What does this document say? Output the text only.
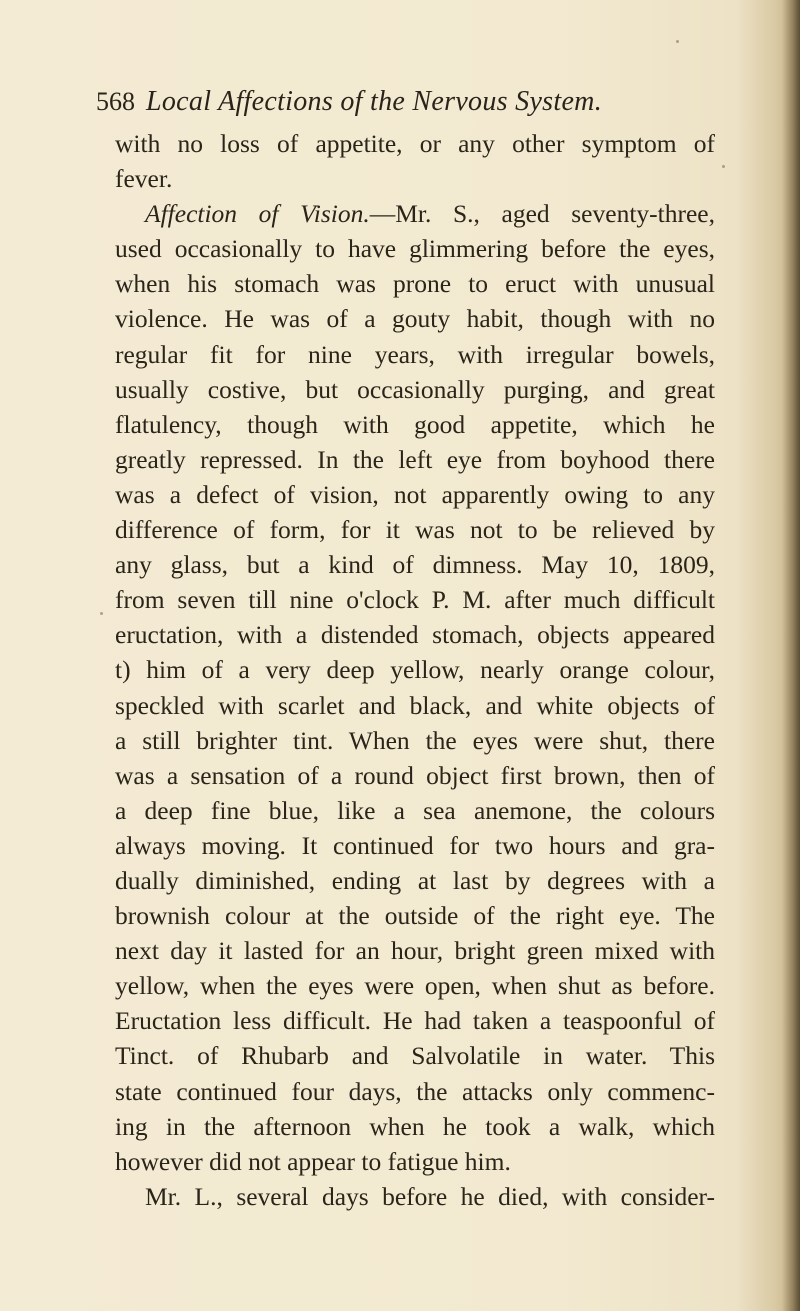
568 Local Affections of the Nervous System.
with no loss of appetite, or any other symptom of
fever.
Affection of Vision.—Mr. S., aged seventy-three,
used occasionally to have glimmering before the eyes,
when his stomach was prone to eruct with unusual
violence. He was of a gouty habit, though with no
regular fit for nine years, with irregular bowels,
usually costive, but occasionally purging, and great
flatulency, though with good appetite, which he
greatly repressed. In the left eye from boyhood there
was a defect of vision, not apparently owing to any
difference of form, for it was not to be relieved by
any glass, but a kind of dimness. May 10, 1809,
from seven till nine o'clock P. M. after much difficult
eructation, with a distended stomach, objects appeared
t) him of a very deep yellow, nearly orange colour,
speckled with scarlet and black, and white objects of
a still brighter tint. When the eyes were shut, there
was a sensation of a round object first brown, then of
a deep fine blue, like a sea anemone, the colours
always moving. It continued for two hours and gra-
dually diminished, ending at last by degrees with a
brownish colour at the outside of the right eye. The
next day it lasted for an hour, bright green mixed with
yellow, when the eyes were open, when shut as before.
Eructation less difficult. He had taken a teaspoonful of
Tinct. of Rhubarb and Salvolatile in water. This
state continued four days, the attacks only commenc-
ing in the afternoon when he took a walk, which
however did not appear to fatigue him.
Mr. L., several days before he died, with consider-
